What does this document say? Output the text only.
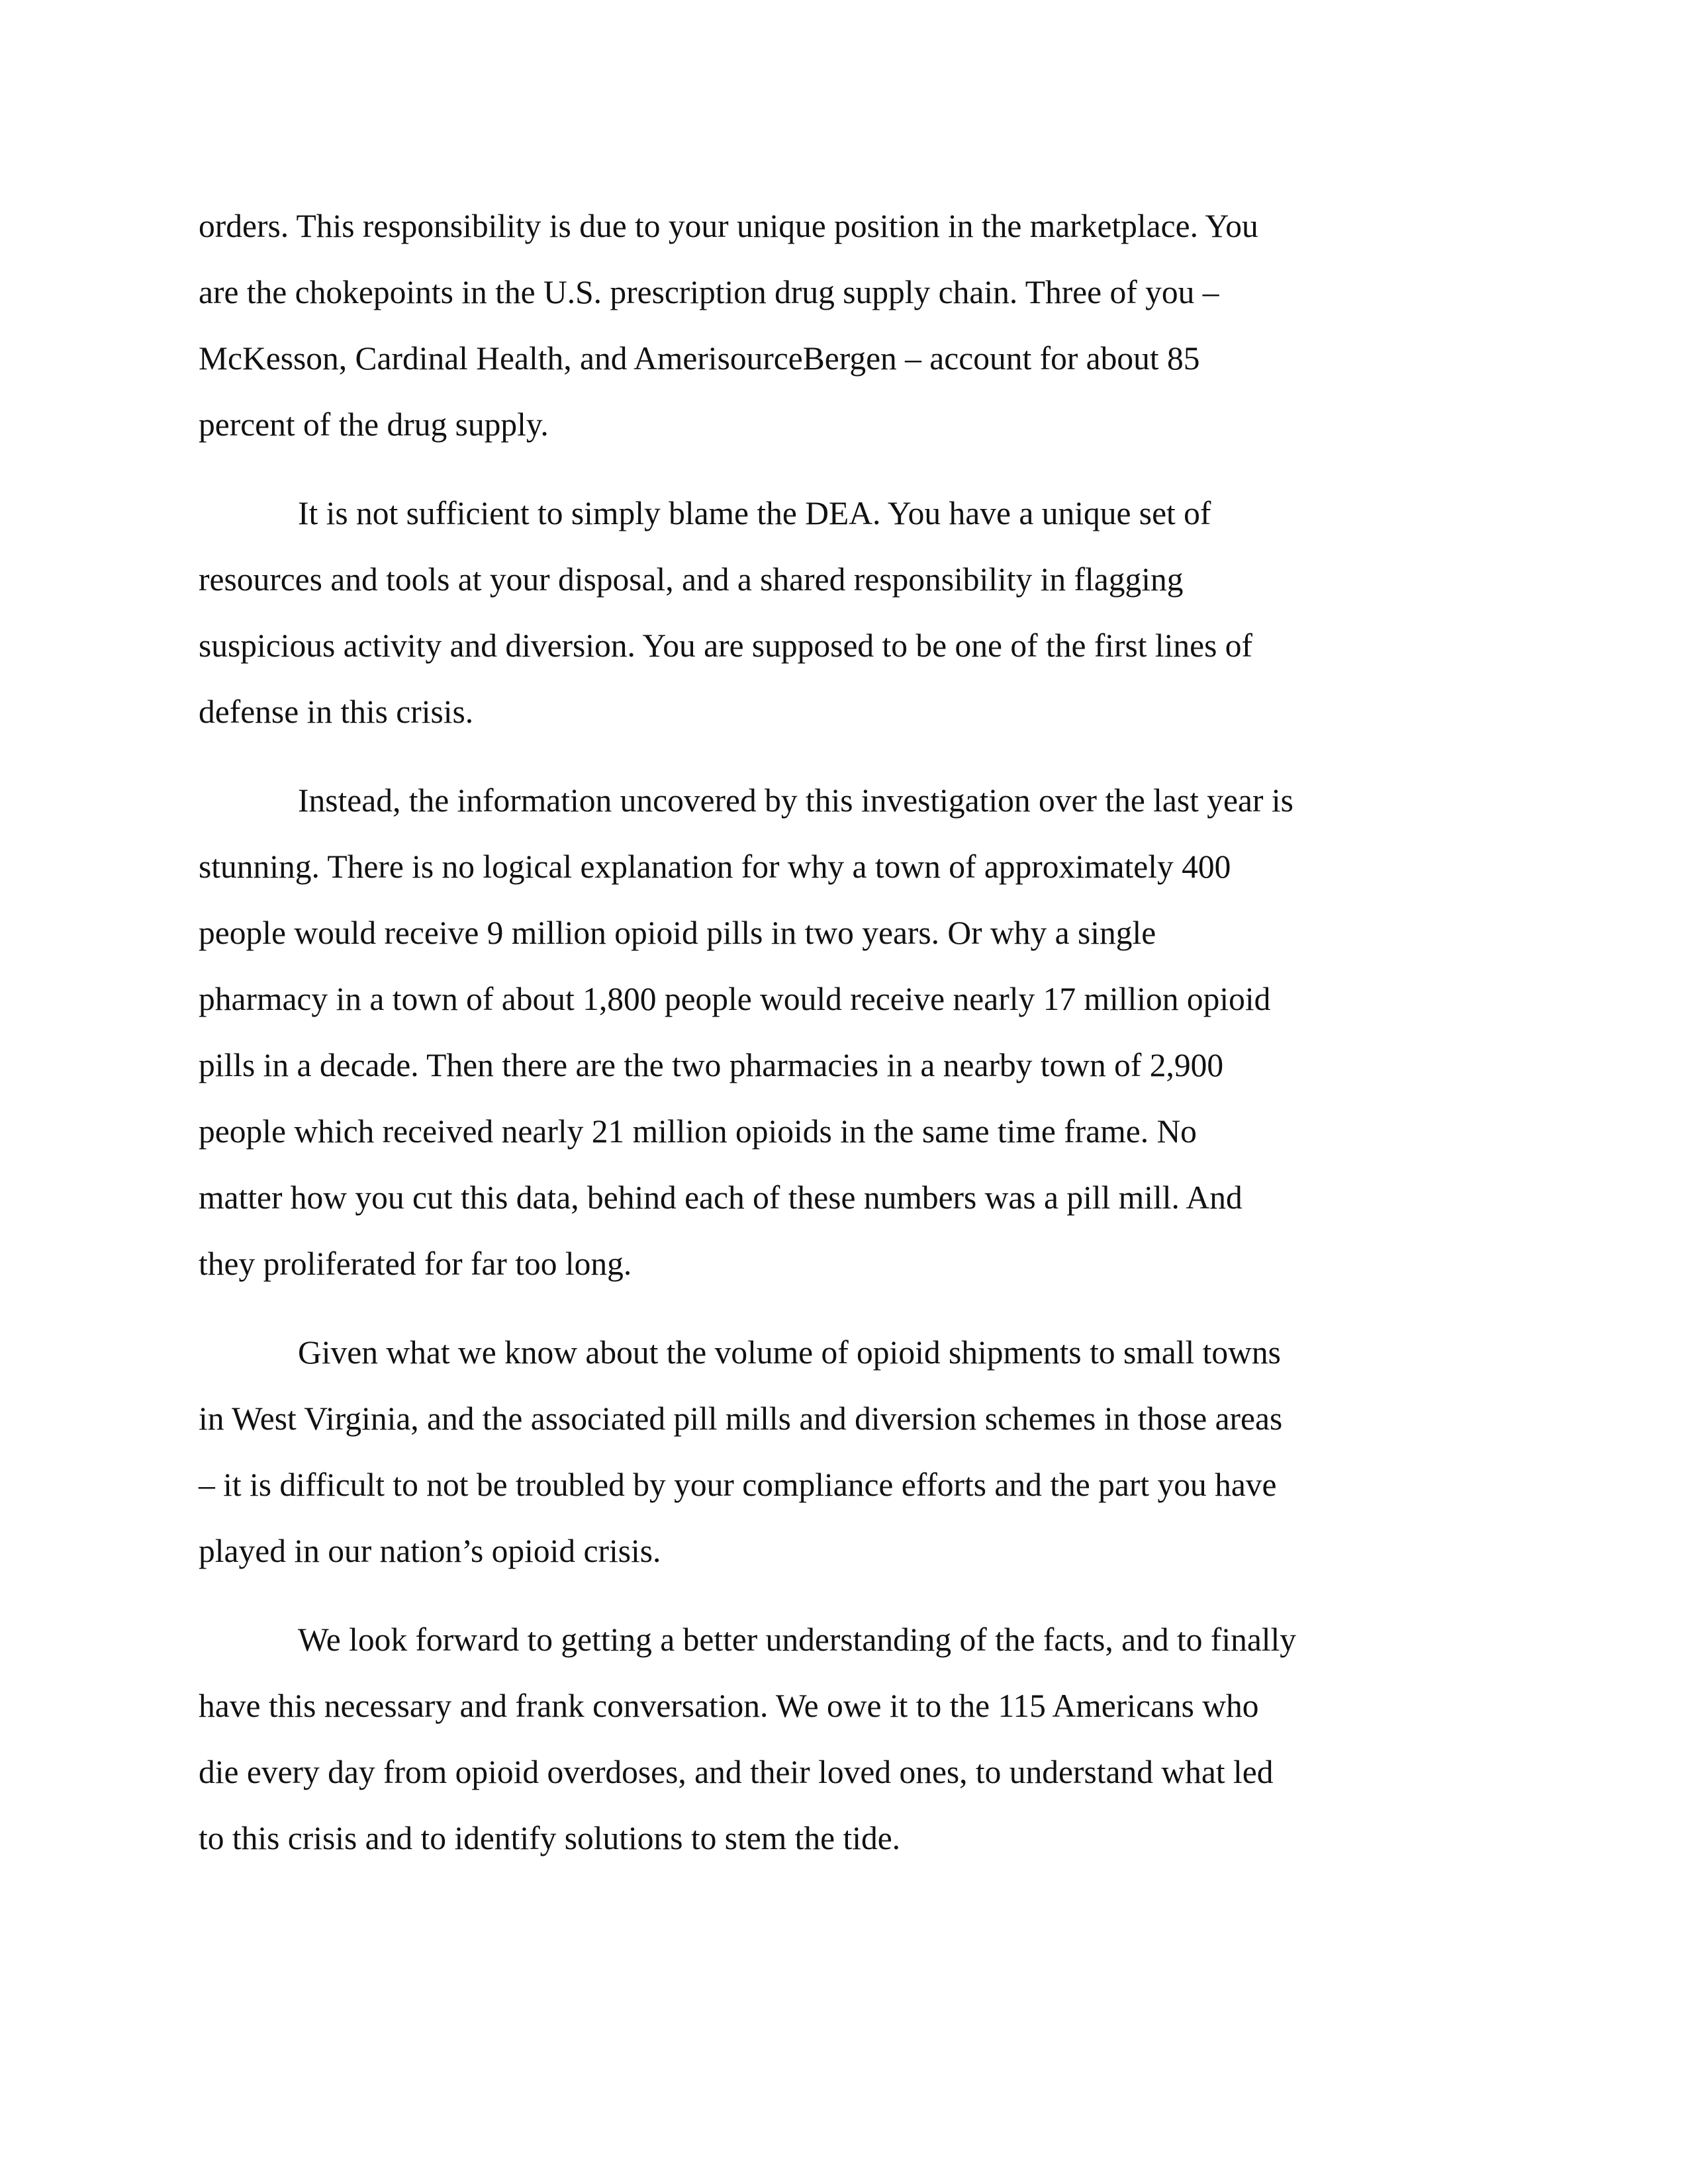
orders. This responsibility is due to your unique position in the marketplace. You
are the chokepoints in the U.S. prescription drug supply chain. Three of you –
McKesson, Cardinal Health, and AmerisourceBergen – account for about 85
percent of the drug supply.

It is not sufficient to simply blame the DEA. You have a unique set of
resources and tools at your disposal, and a shared responsibility in flagging
suspicious activity and diversion. You are supposed to be one of the first lines of
defense in this crisis.

Instead, the information uncovered by this investigation over the last year is
stunning. There is no logical explanation for why a town of approximately 400
people would receive 9 million opioid pills in two years. Or why a single
pharmacy in a town of about 1,800 people would receive nearly 17 million opioid
pills in a decade. Then there are the two pharmacies in a nearby town of 2,900
people which received nearly 21 million opioids in the same time frame. No
matter how you cut this data, behind each of these numbers was a pill mill. And
they proliferated for far too long.

Given what we know about the volume of opioid shipments to small towns
in West Virginia, and the associated pill mills and diversion schemes in those areas
– it is difficult to not be troubled by your compliance efforts and the part you have
played in our nation’s opioid crisis.

We look forward to getting a better understanding of the facts, and to finally
have this necessary and frank conversation. We owe it to the 115 Americans who
die every day from opioid overdoses, and their loved ones, to understand what led
to this crisis and to identify solutions to stem the tide.
